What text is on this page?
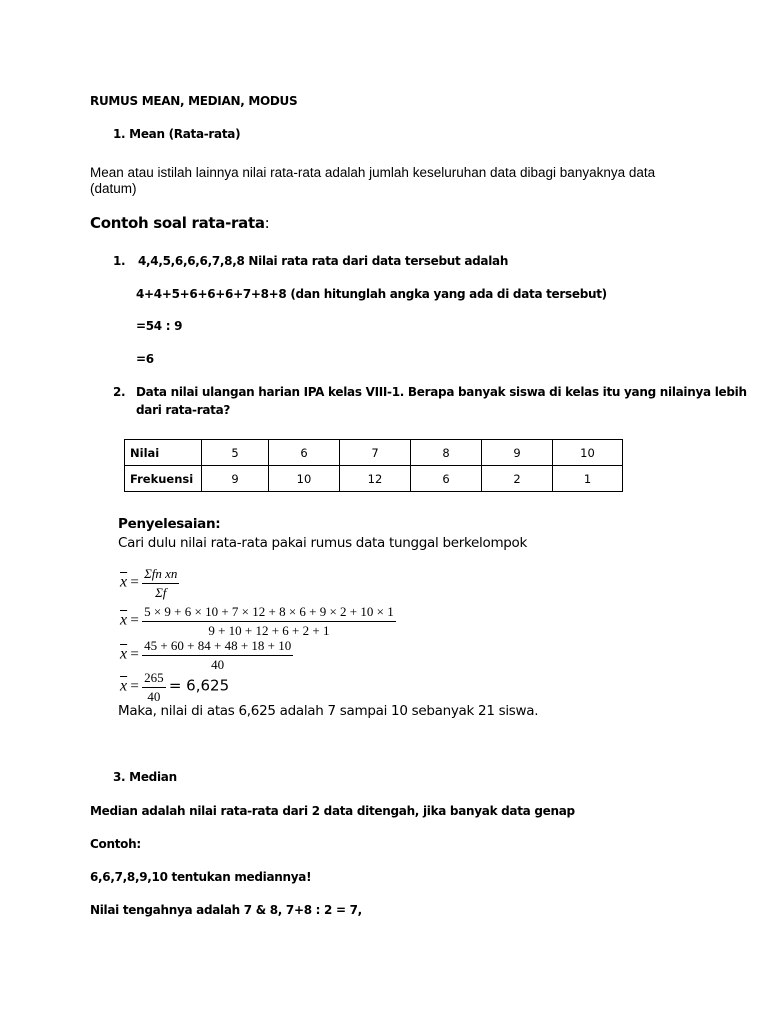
RUMUS MEAN, MEDIAN, MODUS
1. Mean (Rata-rata)
Mean atau istilah lainnya nilai rata-rata adalah jumlah keseluruhan data dibagi banyaknya data
(datum)
Contoh soal rata-rata:
1. 4,4,5,6,6,6,7,8,8 Nilai rata rata dari data tersebut adalah
4+4+5+6+6+6+7+8+8 (dan hitunglah angka yang ada di data tersebut)
=54 : 9
=6
2. Data nilai ulangan harian IPA kelas VIII-1. Berapa banyak siswa di kelas itu yang nilainya lebih
dari rata-rata?
Nilai	5	6	7	8	9	10
Frekuensi	9	10	12	6	2	1
Penyelesaian:
Cari dulu nilai rata-rata pakai rumus data tunggal berkelompok
$\overline{x} = \frac{\text{Σfn xn}}{\Sigma f}$
$\overline{x} = \frac{5 \times 9 + 6 \times 10 + 7 \times 12 + 8 \times 6 + 9 \times 2 + 10 \times 1}{9 + 10 + 12 + 6 + 2 + 1}$
$\overline{x} = \frac{45 + 60 + 84 + 48 + 18 + 10}{40}$
$\overline{x} = \frac{265}{40} = 6,625$
Maka, nilai di atas 6,625 adalah 7 sampai 10 sebanyak 21 siswa.
3. Median
Median adalah nilai rata-rata dari 2 data ditengah, jika banyak data genap
Contoh:
6,6,7,8,9,10 tentukan mediannya!
Nilai tengahnya adalah 7 & 8, 7+8 : 2 = 7,
